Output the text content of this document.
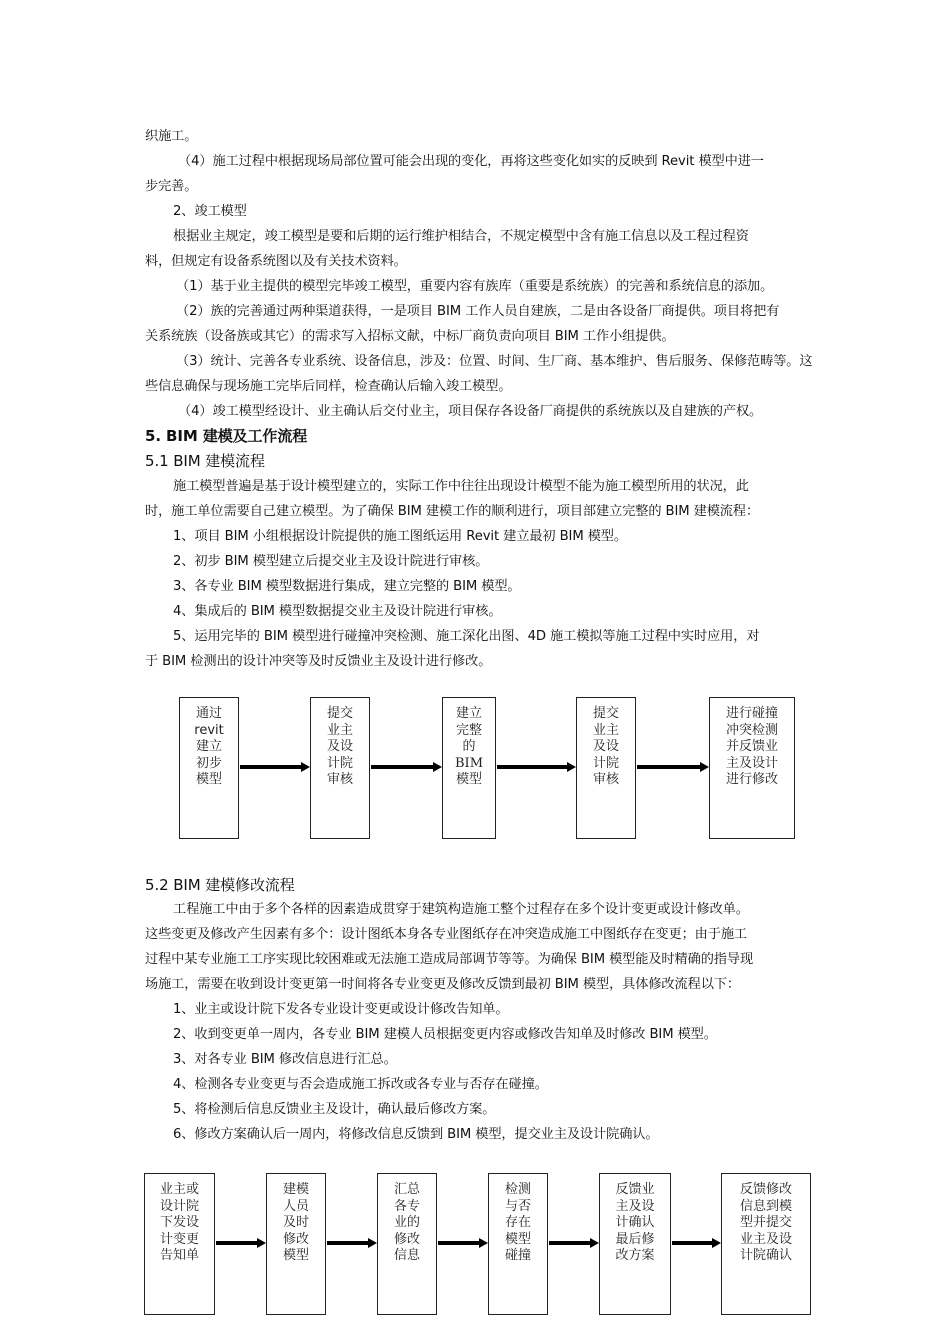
织施工。
（4）施工过程中根据现场局部位置可能会出现的变化，再将这些变化如实的反映到 Revit 模型中进一
步完善。
2、竣工模型
根据业主规定，竣工模型是要和后期的运行维护相结合，不规定模型中含有施工信息以及工程过程资
料，但规定有设备系统图以及有关技术资料。
（1）基于业主提供的模型完毕竣工模型，重要内容有族库（重要是系统族）的完善和系统信息的添加。
（2）族的完善通过两种渠道获得，一是项目 BIM 工作人员自建族，二是由各设备厂商提供。项目将把有
关系统族（设备族或其它）的需求写入招标文献，中标厂商负责向项目 BIM 工作小组提供。
（3）统计、完善各专业系统、设备信息，涉及：位置、时间、生厂商、基本维护、售后服务、保修范畴等。这
些信息确保与现场施工完毕后同样，检查确认后输入竣工模型。
（4）竣工模型经设计、业主确认后交付业主，项目保存各设备厂商提供的系统族以及自建族的产权。
5. BIM 建模及工作流程
5.1 BIM 建模流程
施工模型普遍是基于设计模型建立的，实际工作中往往出现设计模型不能为施工模型所用的状况，此
时，施工单位需要自己建立模型。为了确保 BIM 建模工作的顺利进行，项目部建立完整的 BIM 建模流程：
1、项目 BIM 小组根据设计院提供的施工图纸运用 Revit 建立最初 BIM 模型。
2、初步 BIM 模型建立后提交业主及设计院进行审核。
3、各专业 BIM 模型数据进行集成，建立完整的 BIM 模型。
4、集成后的 BIM 模型数据提交业主及设计院进行审核。
5、运用完毕的 BIM 模型进行碰撞冲突检测、施工深化出图、4D 施工模拟等施工过程中实时应用，对
于 BIM 检测出的设计冲突等及时反馈业主及设计进行修改。
通过
revit
建立
初步
模型
提交
业主
及设
计院
审核
建立
完整
的
BIM
模型
提交
业主
及设
计院
审核
进行碰撞
冲突检测
并反馈业
主及设计
进行修改
5.2 BIM 建模修改流程
工程施工中由于多个各样的因素造成贯穿于建筑构造施工整个过程存在多个设计变更或设计修改单。
这些变更及修改产生因素有多个：设计图纸本身各专业图纸存在冲突造成施工中图纸存在变更；由于施工
过程中某专业施工工序实现比较困难或无法施工造成局部调节等等。为确保 BIM 模型能及时精确的指导现
场施工，需要在收到设计变更第一时间将各专业变更及修改反馈到最初 BIM 模型，具体修改流程以下：
1、业主或设计院下发各专业设计变更或设计修改告知单。
2、收到变更单一周内，各专业 BIM 建模人员根据变更内容或修改告知单及时修改 BIM 模型。
3、对各专业 BIM 修改信息进行汇总。
4、检测各专业变更与否会造成施工拆改或各专业与否存在碰撞。
5、将检测后信息反馈业主及设计，确认最后修改方案。
6、修改方案确认后一周内，将修改信息反馈到 BIM 模型，提交业主及设计院确认。
业主或
设计院
下发设
计变更
告知单
建模
人员
及时
修改
模型
汇总
各专
业的
修改
信息
检测
与否
存在
模型
碰撞
反馈业
主及设
计确认
最后修
改方案
反馈修改
信息到模
型并提交
业主及设
计院确认
